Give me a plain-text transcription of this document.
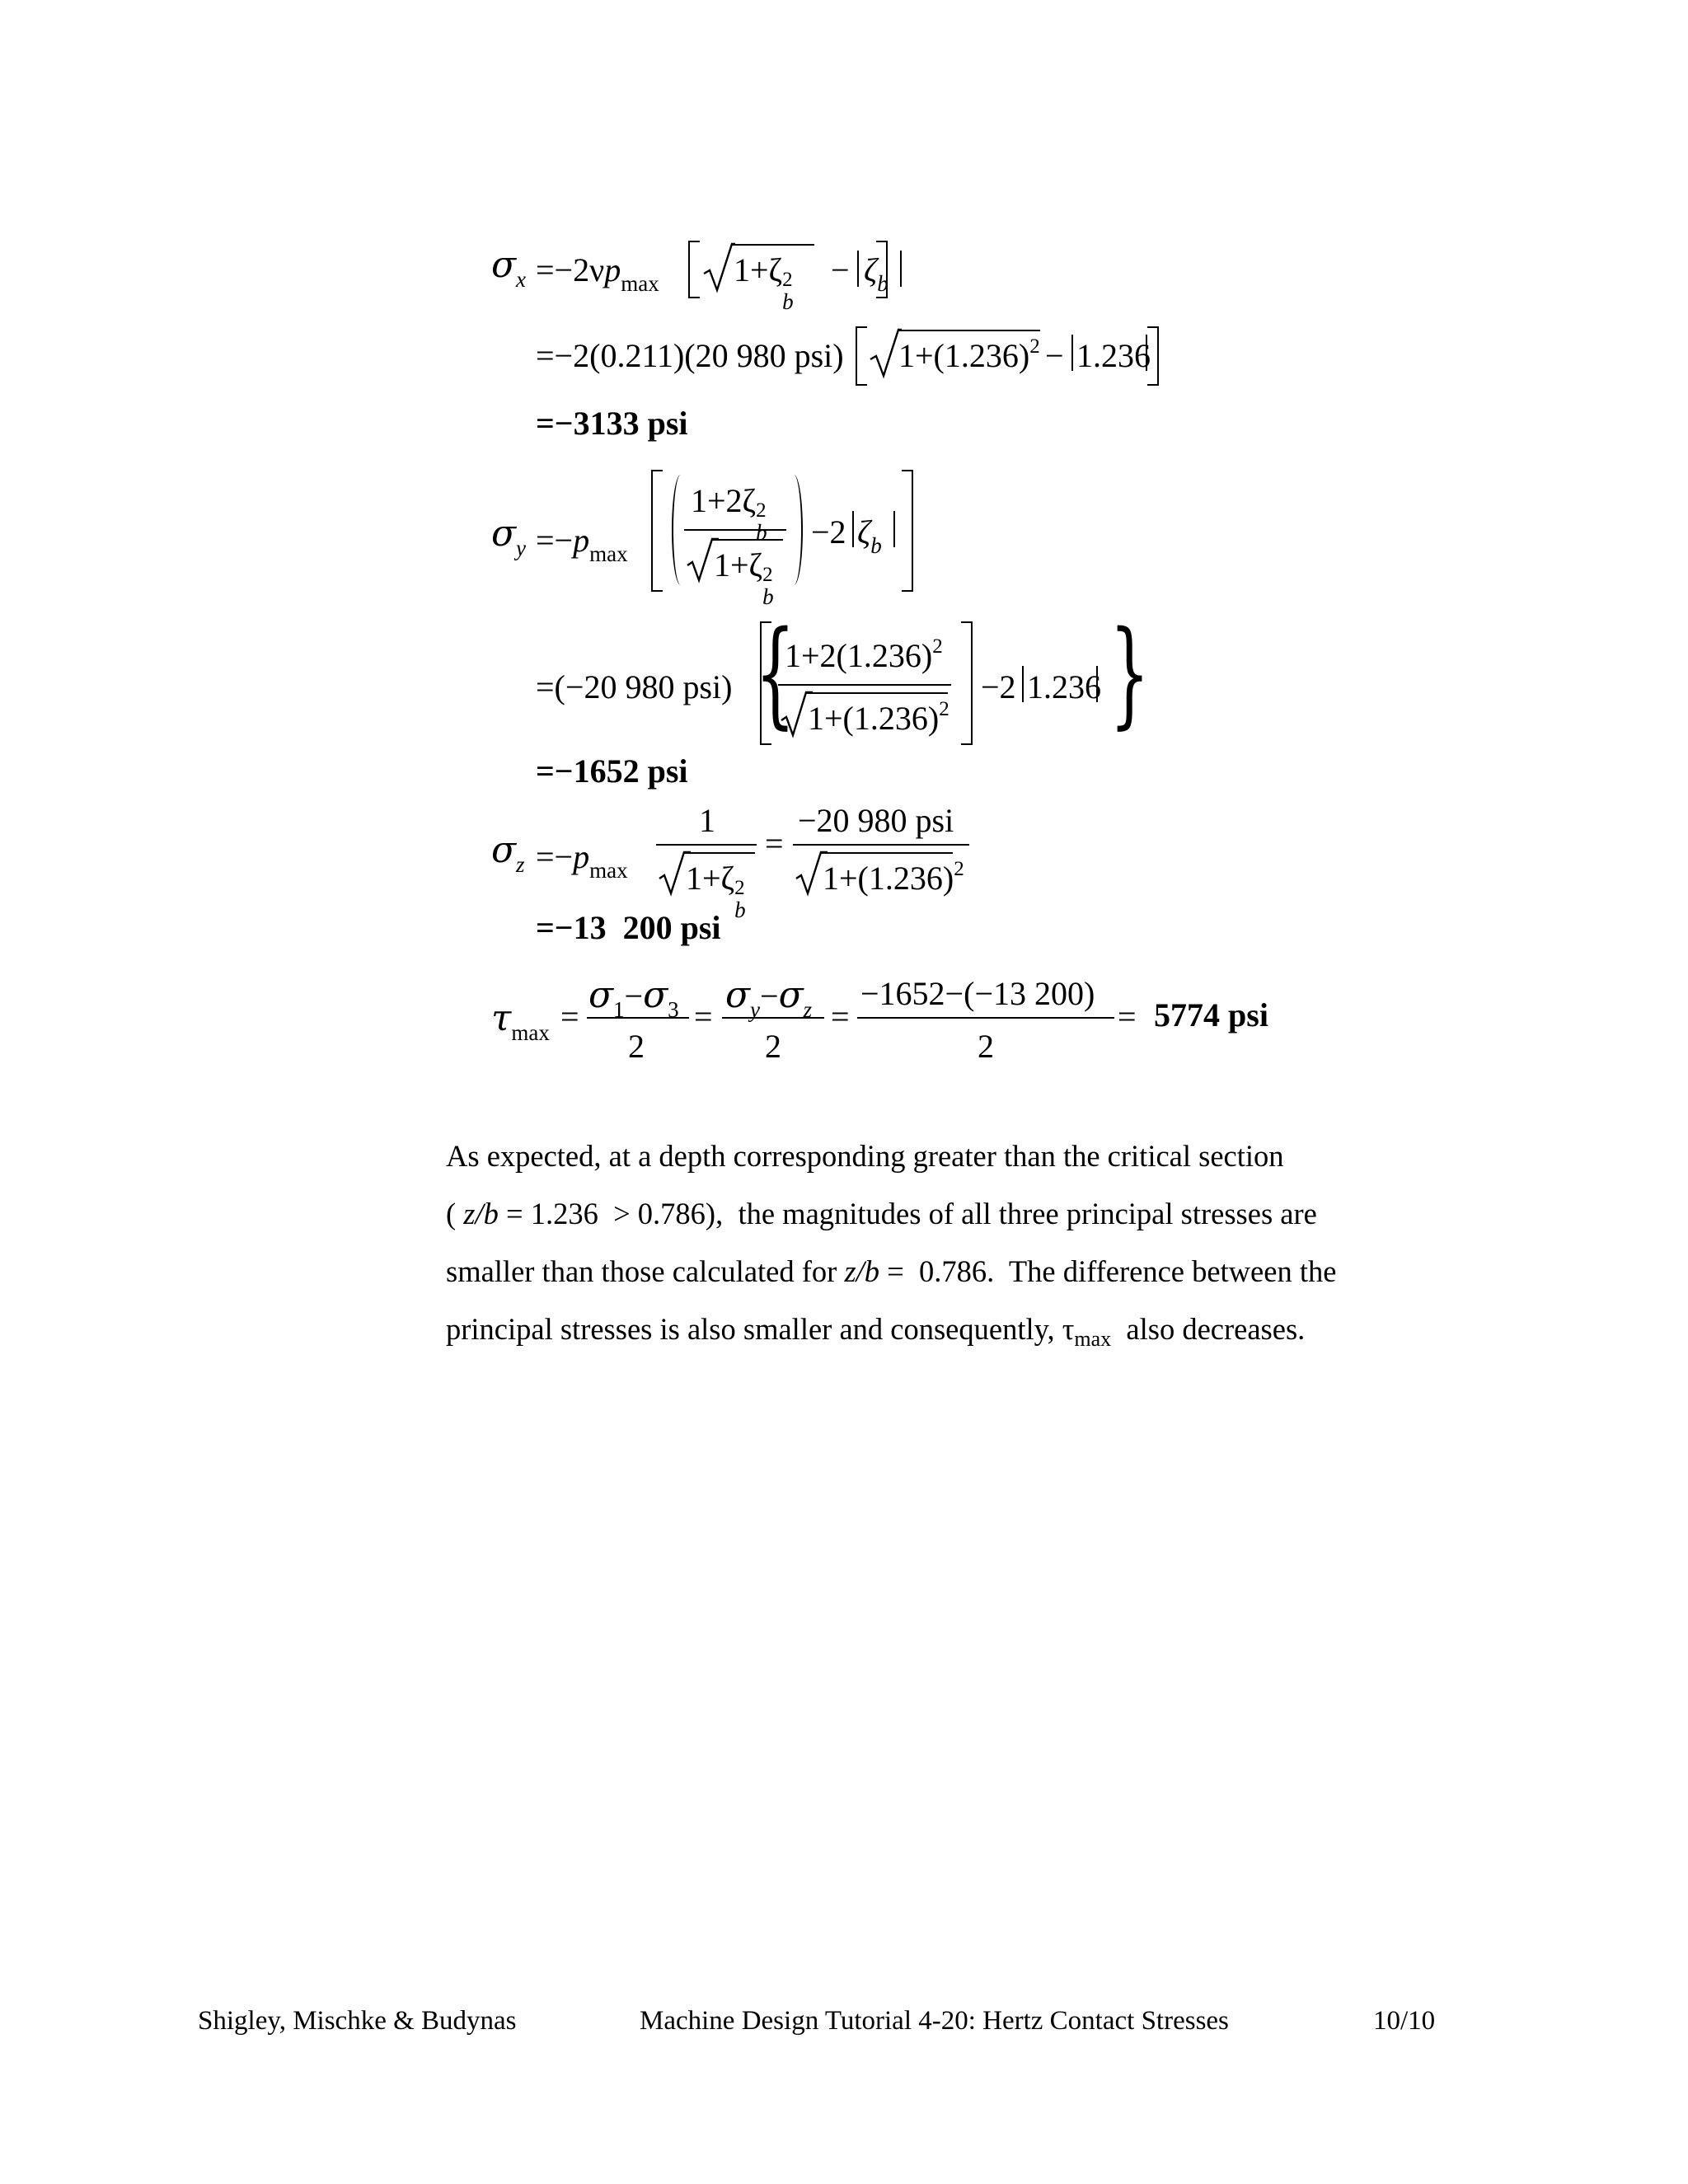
$\sigma_x =-2\nu p_{max}$ 1+ζ 2
b
− $\zeta_b$
=−2(0.211)(20 980 psi) $1+(1.236)^2 - 1.236$
=−3133 psi
$\sigma_y =-p_{max}$
1+2ζ 2
b
1+ζ 2
b
−2 $\zeta_b$
=(−20 980 psi) {
$1+2(1.236)^2$
$1+(1.236)^2$
−2 1.236 }
=−1652 psi
$\sigma_z =-p_{max}$
1
1+ζ 2
b
=
−20 980 psi
$1+(1.236)^2$
=−13  200 psi
$\tau_{max}$ =
$\sigma_1-\sigma_3$
2
=
$\sigma_y-\sigma_z$
2
=
−1652−(−13 200)
2
= 5774 psi

As expected, at a depth corresponding greater than the critical section

( z/b = 1.236  > 0.786),  the magnitudes of all three principal stresses are

smaller than those calculated for z/b =  0.786.  The difference between the

principal stresses is also smaller and consequently, $\tau_{max}$  also decreases.

Shigley, Mischke & Budynas	Machine Design Tutorial 4-20: Hertz Contact Stresses	10/10
